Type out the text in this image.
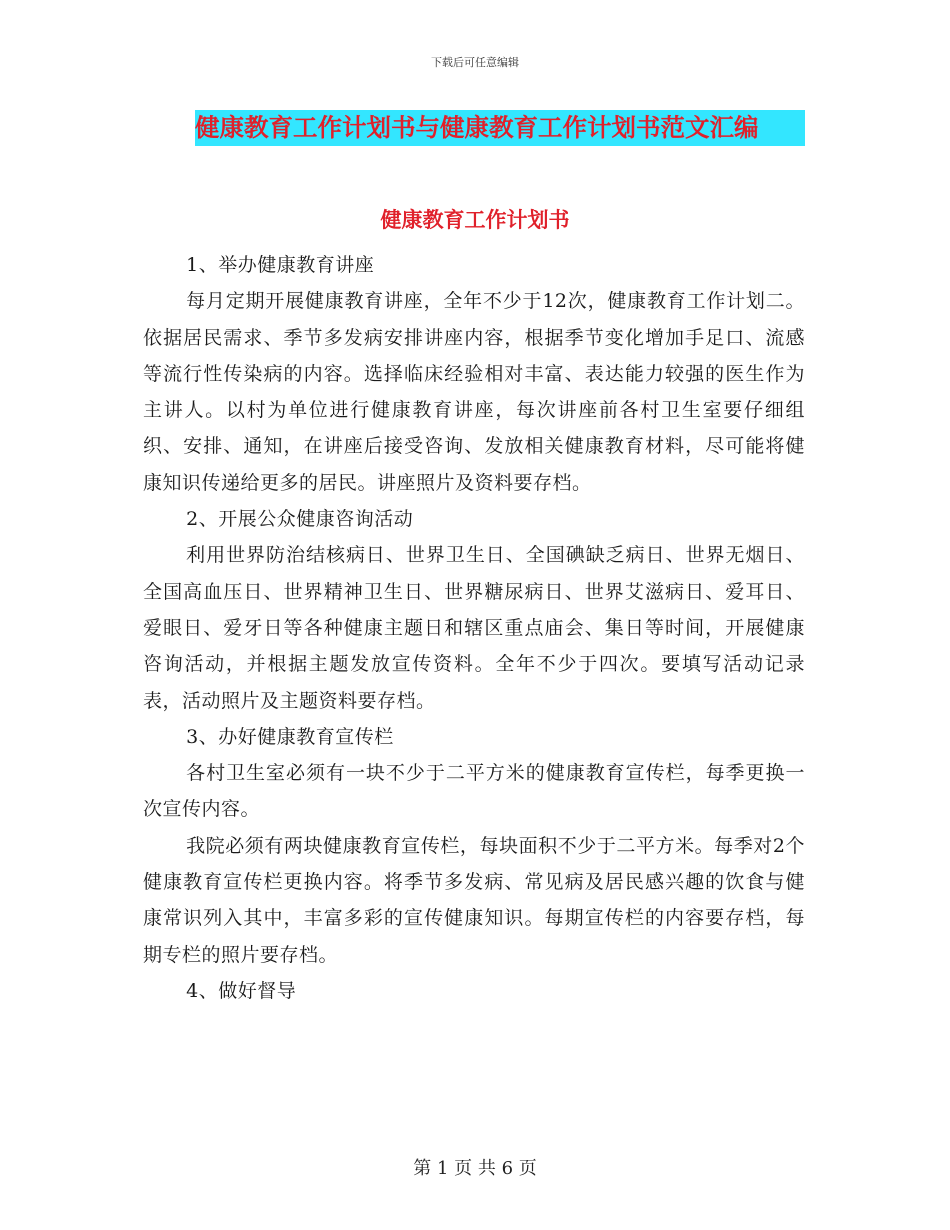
下载后可任意编辑
健康教育工作计划书与健康教育工作计划书范文汇编
健康教育工作计划书

1、举办健康教育讲座

每月定期开展健康教育讲座，全年不少于12次，健康教育工作计划二。依据居民需求、季节多发病安排讲座内容，根据季节变化增加手足口、流感等流行性传染病的内容。选择临床经验相对丰富、表达能力较强的医生作为主讲人。以村为单位进行健康教育讲座，每次讲座前各村卫生室要仔细组织、安排、通知，在讲座后接受咨询、发放相关健康教育材料，尽可能将健康知识传递给更多的居民。讲座照片及资料要存档。

2、开展公众健康咨询活动

利用世界防治结核病日、世界卫生日、全国碘缺乏病日、世界无烟日、全国高血压日、世界精神卫生日、世界糖尿病日、世界艾滋病日、爱耳日、爱眼日、爱牙日等各种健康主题日和辖区重点庙会、集日等时间，开展健康咨询活动，并根据主题发放宣传资料。全年不少于四次。要填写活动记录表，活动照片及主题资料要存档。

3、办好健康教育宣传栏

各村卫生室必须有一块不少于二平方米的健康教育宣传栏，每季更换一次宣传内容。

我院必须有两块健康教育宣传栏，每块面积不少于二平方米。每季对2个健康教育宣传栏更换内容。将季节多发病、常见病及居民感兴趣的饮食与健康常识列入其中，丰富多彩的宣传健康知识。每期宣传栏的内容要存档，每期专栏的照片要存档。

4、做好督导

第 1 页 共 6 页
